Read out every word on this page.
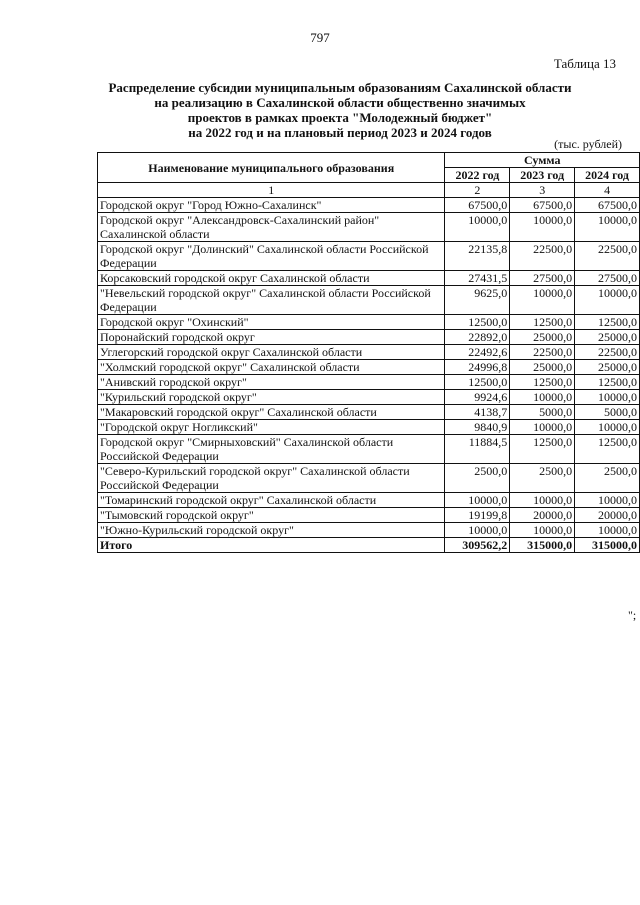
797
Таблица 13
Распределение субсидии муниципальным образованиям Сахалинской области
на реализацию в Сахалинской области общественно значимых
проектов в рамках проекта "Молодежный бюджет"
на 2022 год и на плановый период 2023 и 2024 годов
(тыс. рублей)
Наименование муниципального образования	Сумма		
	2022 год	2023 год	2024 год
1	2	3	4
Городской округ "Город Южно-Сахалинск"	67500,0	67500,0	67500,0
Городской округ "Александровск-Сахалинский район" Сахалинской области	10000,0	10000,0	10000,0
Городской округ "Долинский" Сахалинской области Российской Федерации	22135,8	22500,0	22500,0
Корсаковский городской округ Сахалинской области	27431,5	27500,0	27500,0
"Невельский городской округ" Сахалинской области Российской Федерации	9625,0	10000,0	10000,0
Городской округ "Охинский"	12500,0	12500,0	12500,0
Поронайский городской округ	22892,0	25000,0	25000,0
Углегорский городской округ Сахалинской области	22492,6	22500,0	22500,0
"Холмский городской округ" Сахалинской области	24996,8	25000,0	25000,0
"Анивский городской округ"	12500,0	12500,0	12500,0
"Курильский городской округ"	9924,6	10000,0	10000,0
"Макаровский городской округ" Сахалинской области	4138,7	5000,0	5000,0
"Городской округ Ногликский"	9840,9	10000,0	10000,0
Городской округ "Смирныховский" Сахалинской области Российской Федерации	11884,5	12500,0	12500,0
"Северо-Курильский городской округ" Сахалинской области Российской Федерации	2500,0	2500,0	2500,0
"Томаринский городской округ" Сахалинской области	10000,0	10000,0	10000,0
"Тымовский городской округ"	19199,8	20000,0	20000,0
"Южно-Курильский городской округ"	10000,0	10000,0	10000,0
Итого	309562,2	315000,0	315000,0
";
